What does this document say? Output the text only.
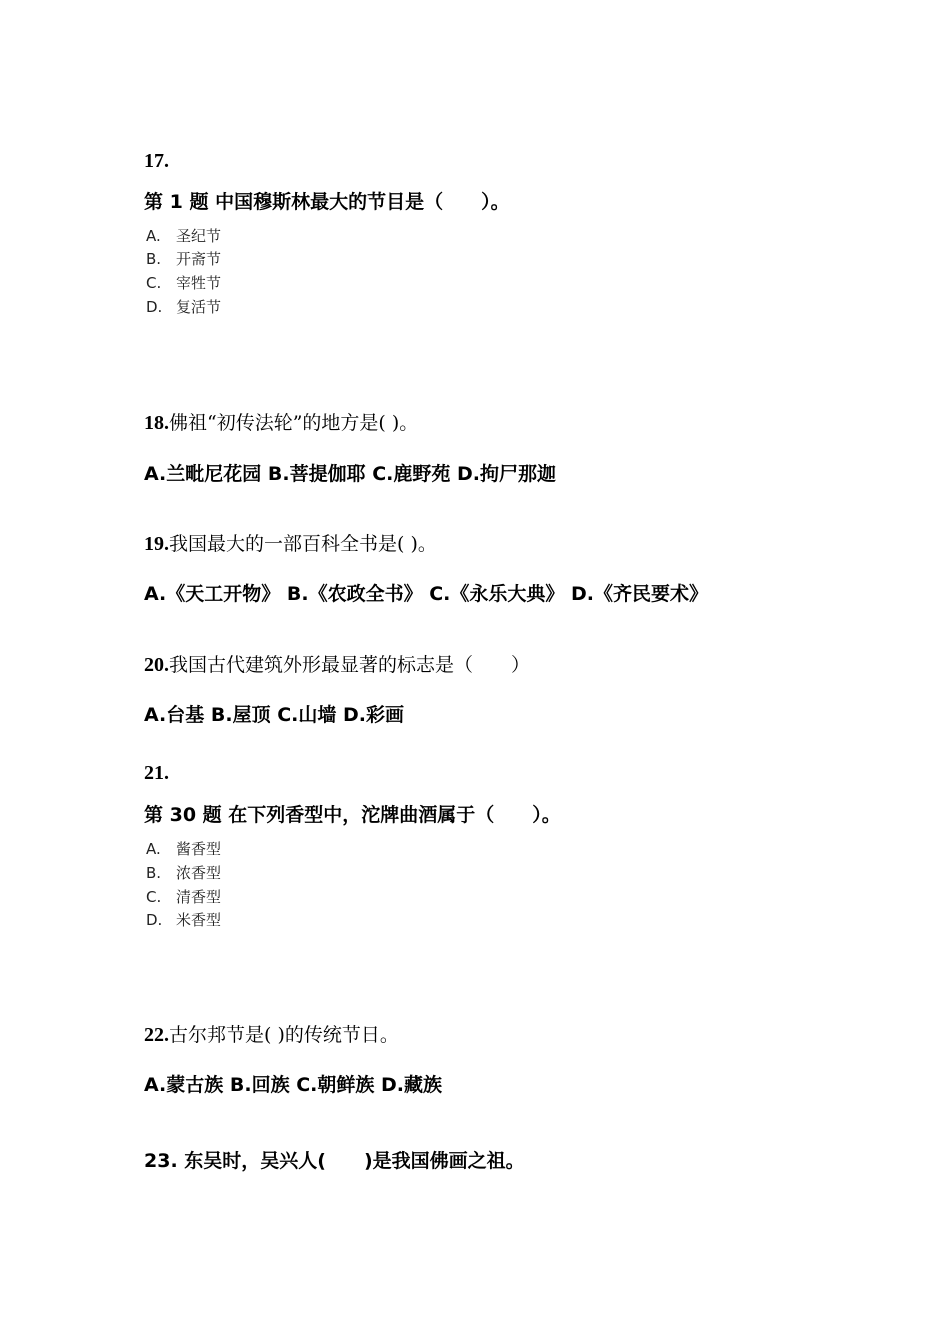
17.
第 1 题 中国穆斯林最大的节目是（　　）。
A. 圣纪节
B. 开斋节
C. 宰牲节
D. 复活节
18.佛祖“初传法轮”的地方是( )。
A.兰毗尼花园 B.菩提伽耶 C.鹿野苑 D.拘尸那迦
19.我国最大的一部百科全书是( )。
A.《天工开物》 B.《农政全书》 C.《永乐大典》 D.《齐民要术》
20.我国古代建筑外形最显著的标志是（　　）
A.台基 B.屋顶 C.山墙 D.彩画
21.
第 30 题 在下列香型中，沱牌曲酒属于（　　）。
A. 酱香型
B. 浓香型
C. 清香型
D. 米香型
22.古尔邦节是( )的传统节日。
A.蒙古族 B.回族 C.朝鲜族 D.藏族
23. 东吴时，吴兴人(　　)是我国佛画之祖。
